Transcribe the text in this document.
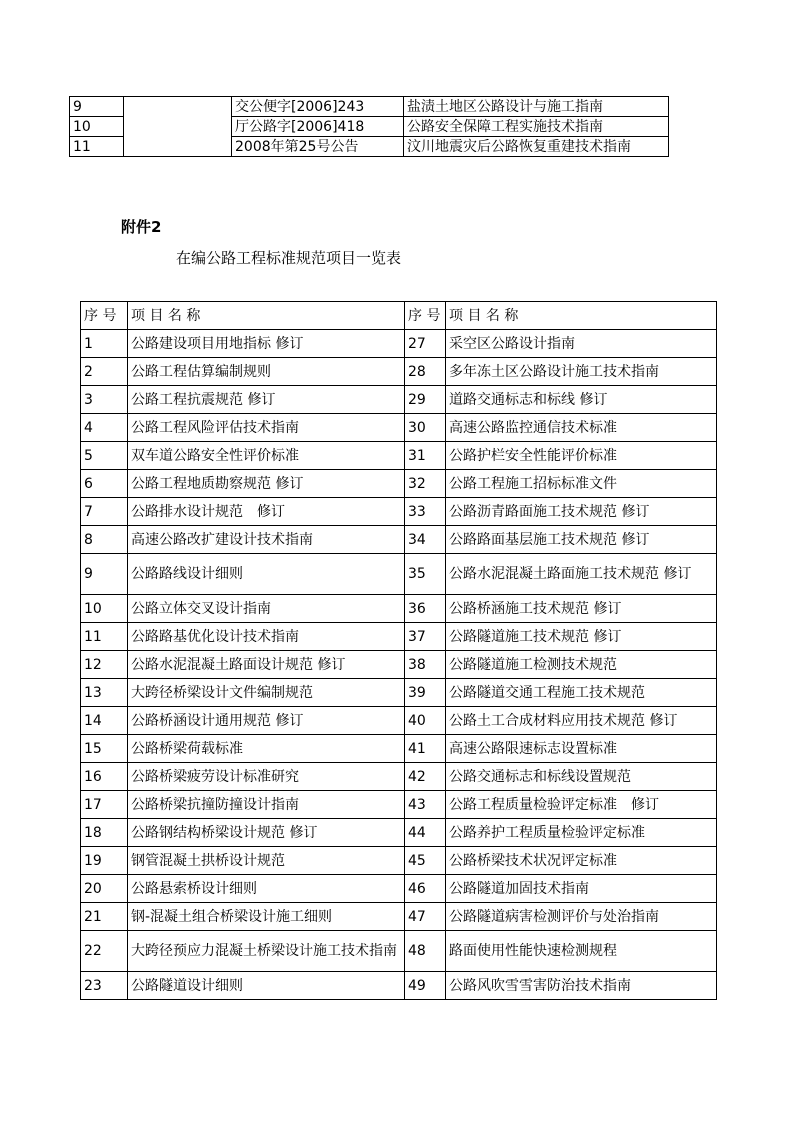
9		交公便字[2006]243	盐渍土地区公路设计与施工指南
10		厅公路字[2006]418	公路安全保障工程实施技术指南
11		2008年第25号公告	汶川地震灾后公路恢复重建技术指南
附件2
在编公路工程标准规范项目一览表
序 号	项 目 名 称	序 号	项 目 名 称
1	公路建设项目用地指标 修订	27	采空区公路设计指南
2	公路工程估算编制规则	28	多年冻土区公路设计施工技术指南
3	公路工程抗震规范 修订	29	道路交通标志和标线 修订
4	公路工程风险评估技术指南	30	高速公路监控通信技术标准
5	双车道公路安全性评价标准	31	公路护栏安全性能评价标准
6	公路工程地质勘察规范 修订	32	公路工程施工招标标准文件
7	公路排水设计规范　修订	33	公路沥青路面施工技术规范 修订
8	高速公路改扩建设计技术指南	34	公路路面基层施工技术规范 修订
9	公路路线设计细则	35	公路水泥混凝土路面施工技术规范 修订
10	公路立体交叉设计指南	36	公路桥涵施工技术规范 修订
11	公路路基优化设计技术指南	37	公路隧道施工技术规范 修订
12	公路水泥混凝土路面设计规范 修订	38	公路隧道施工检测技术规范
13	大跨径桥梁设计文件编制规范	39	公路隧道交通工程施工技术规范
14	公路桥涵设计通用规范 修订	40	公路土工合成材料应用技术规范 修订
15	公路桥梁荷载标准	41	高速公路限速标志设置标准
16	公路桥梁疲劳设计标准研究	42	公路交通标志和标线设置规范
17	公路桥梁抗撞防撞设计指南	43	公路工程质量检验评定标准　修订
18	公路钢结构桥梁设计规范 修订	44	公路养护工程质量检验评定标准
19	钢管混凝土拱桥设计规范	45	公路桥梁技术状况评定标准
20	公路悬索桥设计细则	46	公路隧道加固技术指南
21	钢-混凝土组合桥梁设计施工细则	47	公路隧道病害检测评价与处治指南
22	大跨径预应力混凝土桥梁设计施工技术指南	48	路面使用性能快速检测规程
23	公路隧道设计细则	49	公路风吹雪雪害防治技术指南
